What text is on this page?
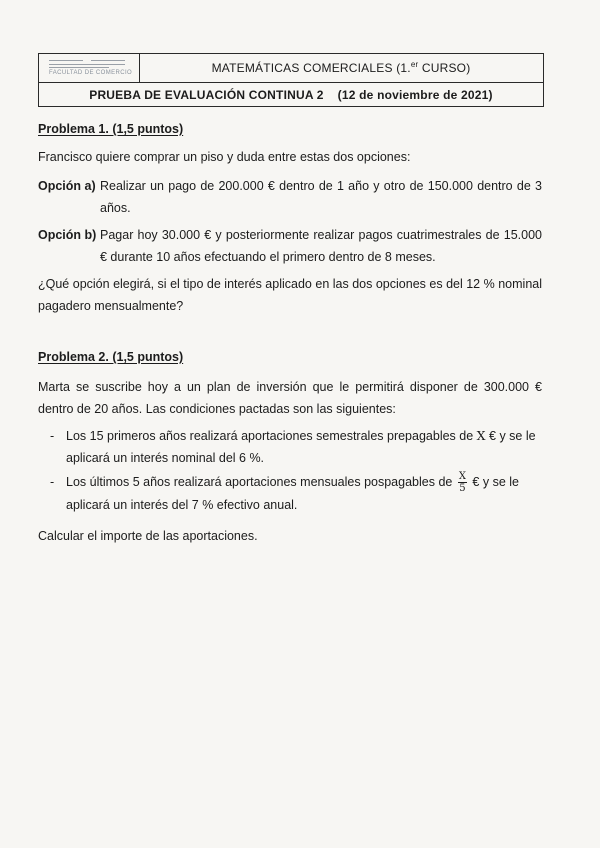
FACULTAD DE COMERCIO	MATEMÁTICAS COMERCIALES (1.$^{er}$ CURSO)
PRUEBA DE EVALUACIÓN CONTINUA 2 (12 de noviembre de 2021)
Problema 1. (1,5 puntos)
Francisco quiere comprar un piso y duda entre estas dos opciones:
Opción a) Realizar un pago de 200.000 € dentro de 1 año y otro de 150.000 dentro de 3 años.
Opción b) Pagar hoy 30.000 € y posteriormente realizar pagos cuatrimestrales de 15.000 € durante 10 años efectuando el primero dentro de 8 meses.
¿Qué opción elegirá, si el tipo de interés aplicado en las dos opciones es del 12 % nominal pagadero mensualmente?
Problema 2. (1,5 puntos)
Marta se suscribe hoy a un plan de inversión que le permitirá disponer de 300.000 € dentro de 20 años. Las condiciones pactadas son las siguientes:
- Los 15 primeros años realizará aportaciones semestrales prepagables de X € y se le aplicará un interés nominal del 6 %.
- Los últimos 5 años realizará aportaciones mensuales pospagables de $\frac{X}{5}$ € y se le aplicará un interés del 7 % efectivo anual.
Calcular el importe de las aportaciones.
